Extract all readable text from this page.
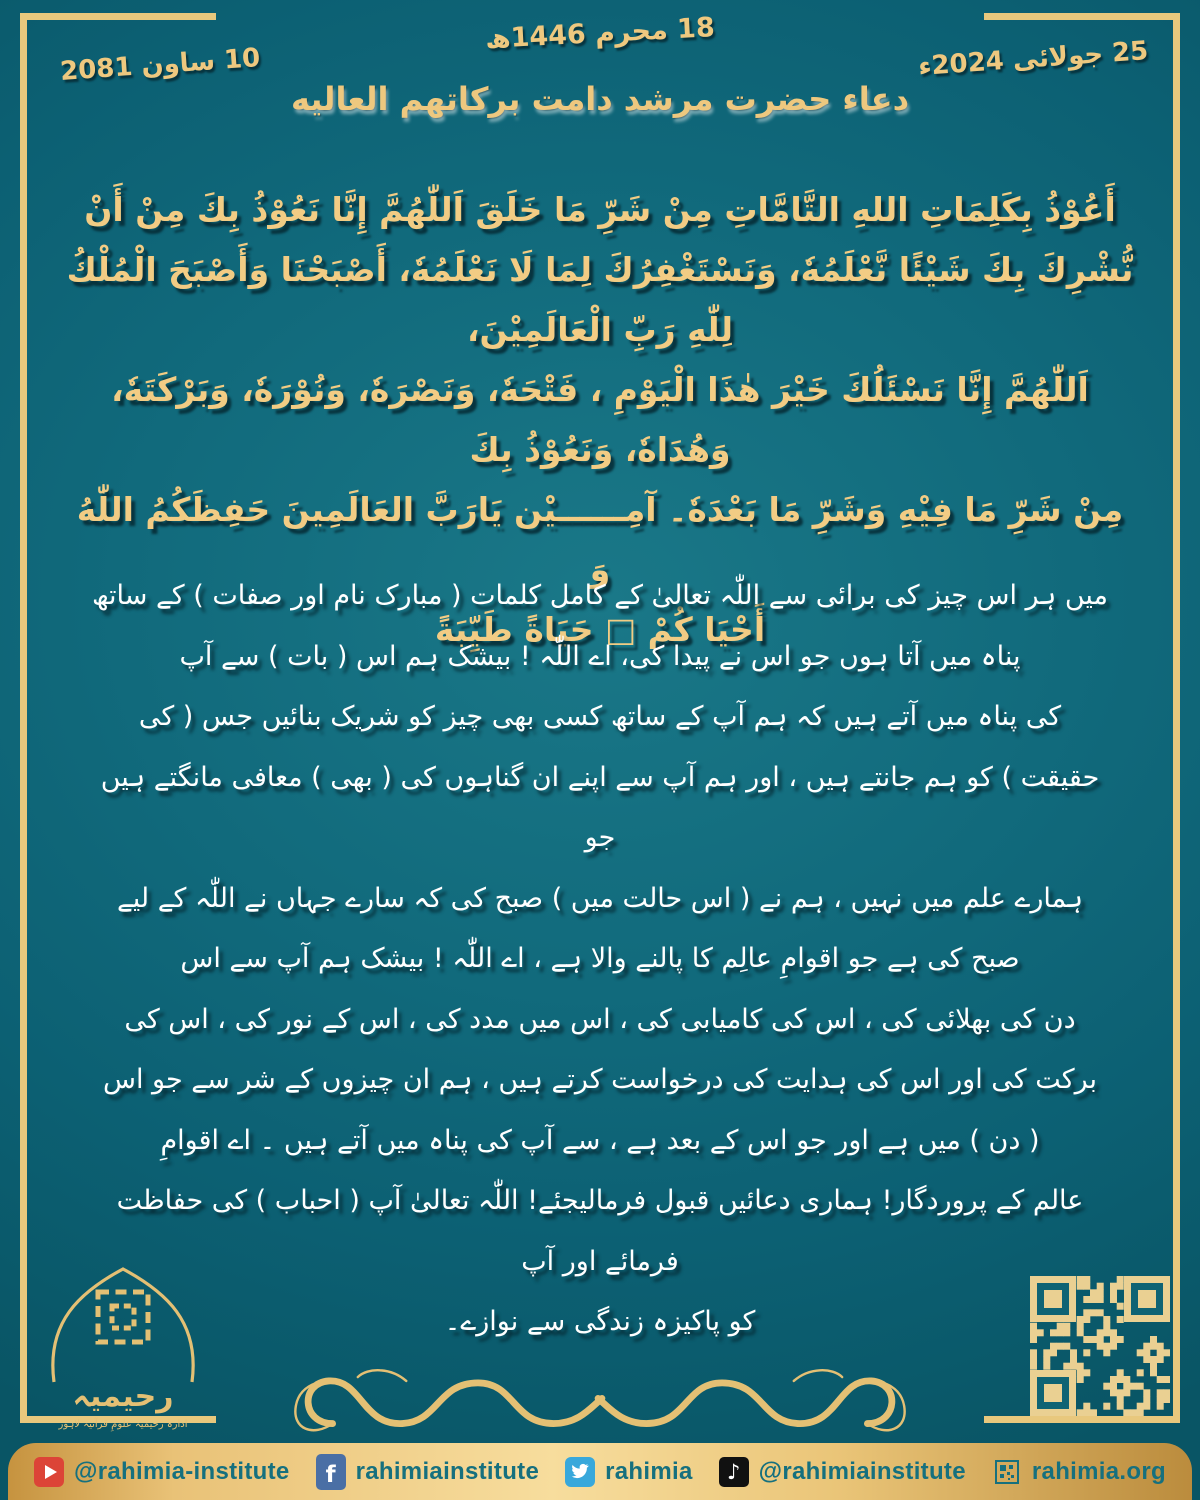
18 محرم 1446ھ
25 جولائی 2024ء
10 ساون 2081
دعاء حضرت مرشد دامت برکاتهم العالیه
أَعُوْذُ بِكَلِمَاتِ اللهِ التَّامَّاتِ مِنْ شَرِّ مَا خَلَقَ اَللّٰهُمَّ إِنَّا نَعُوْذُ بِكَ مِنْ أَنْ
نُّشْرِكَ بِكَ شَيْئًا نَّعْلَمُهٗ، وَنَسْتَغْفِرُكَ لِمَا لَا نَعْلَمُهٗ، أَصْبَحْنَا وَأَصْبَحَ الْمُلْكُ لِلّٰهِ رَبِّ الْعَالَمِيْنَ،
اَللّٰهُمَّ إِنَّا نَسْئَلُكَ خَيْرَ هٰذَا الْيَوْمِ ، فَتْحَهٗ، وَنَصْرَهٗ، وَنُوْرَهٗ، وَبَرْكَتَهٗ، وَهُدَاهٗ، وَنَعُوْذُ بِكَ
مِنْ شَرِّ مَا فِيْهِ وَشَرِّ مَا بَعْدَهٗ۔ آمِــــــيْن يَارَبَّ العَالَمِينَ حَفِظَكُمُ اللّٰهُ وَ
أَحْيَا كُمْ □ حَيَاةً طَيِّبَةً
میں ہر اس چیز کی برائی سے اللّٰہ تعالیٰ کے کامل کلمات ( مبارک نام اور صفات ) کے ساتھ
پناہ میں آتا ہوں جو اس نے پیدا کی، اے اللّٰہ ! بیشک ہم اس ( بات ) سے آپ
کی پناہ میں آتے ہیں کہ ہم آپ کے ساتھ کسی بھی چیز کو شریک بنائیں جس ( کی
حقیقت ) کو ہم جانتے ہیں ، اور ہم آپ سے اپنے ان گناہوں کی ( بھی ) معافی مانگتے ہیں جو
ہمارے علم میں نہیں ، ہم نے ( اس حالت میں ) صبح کی کہ سارے جہاں نے اللّٰہ کے لیے
صبح کی ہے جو اقوامِ عالِم کا پالنے والا ہے ، اے اللّٰہ ! بیشک ہم آپ سے اس
دن کی بھلائی کی ، اس کی کامیابی کی ، اس میں مدد کی ، اس کے نور کی ، اس کی
برکت کی اور اس کی ہدایت کی درخواست کرتے ہیں ، ہم ان چیزوں کے شر سے جو اس
( دن ) میں ہے اور جو اس کے بعد ہے ، سے آپ کی پناہ میں آتے ہیں ۔ اے اقوامِ
عالم کے پروردگار! ہماری دعائیں قبول فرمالیجئے! اللّٰہ تعالیٰ آپ ( احباب ) کی حفاظت فرمائے اور آپ
کو پاکیزہ زندگی سے نوازے۔
رحیمیہ
ادارہ رحیمیہ علومِ قرآنیہ لاہور
@rahimia-institute	f rahimiainstitute	rahimia	♪ @rahimiainstitute	rahimia.org
